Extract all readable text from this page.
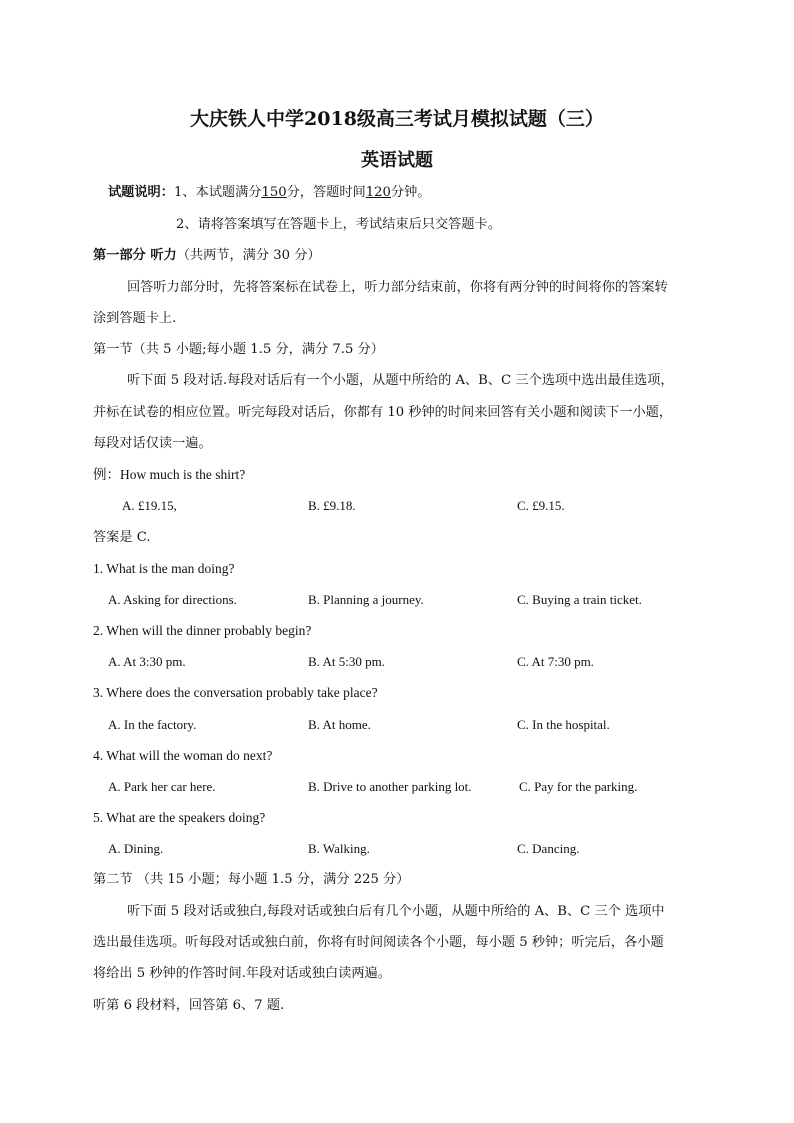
大庆铁人中学2018级高三考试月模拟试题（三）
英语试题
试题说明：1、本试题满分150分，答题时间120分钟。
2、请将答案填写在答题卡上，考试结束后只交答题卡。
第一部分 听力（共两节，满分 30 分）
回答听力部分时，先将答案标在试卷上，听力部分结束前，你将有两分钟的时间将你的答案转
涂到答题卡上.
第一节（共 5 小题;每小题 1.5 分，满分 7.5 分）
听下面 5 段对话.每段对话后有一个小题，从题中所给的 A、B、C 三个选项中选出最佳选项，
并标在试卷的相应位置。听完每段对话后，你都有 10 秒钟的时间来回答有关小题和阅读下一小题，
每段对话仅读一遍。
例：How much is the shirt?
A. £19.15,	B. £9.18.	C. £9.15.
答案是 C.
1. What is the man doing?
A. Asking for directions.	B. Planning a journey.	C. Buying a train ticket.
2. When will the dinner probably begin?
A. At 3:30 pm.	B. At 5:30 pm.	C. At 7:30 pm.
3. Where does the conversation probably take place?
A. In the factory.	B. At home.	C. In the hospital.
4. What will the woman do next?
A. Park her car here.	B. Drive to another parking lot.	C. Pay for the parking.
5. What are the speakers doing?
A. Dining.	B. Walking.	C. Dancing.
第二节 （共 15 小题；每小题 1.5 分，满分 225 分）
听下面 5 段对话或独白,每段对话或独白后有几个小题，从题中所给的 A、B、C 三个 选项中
选出最佳选项。听每段对话或独白前，你将有时间阅读各个小题，每小题 5 秒钟；听完后，各小题
将给出 5 秒钟的作答时间.年段对话或独白读两遍。
听第 6 段材料，回答第 6、7 题.
